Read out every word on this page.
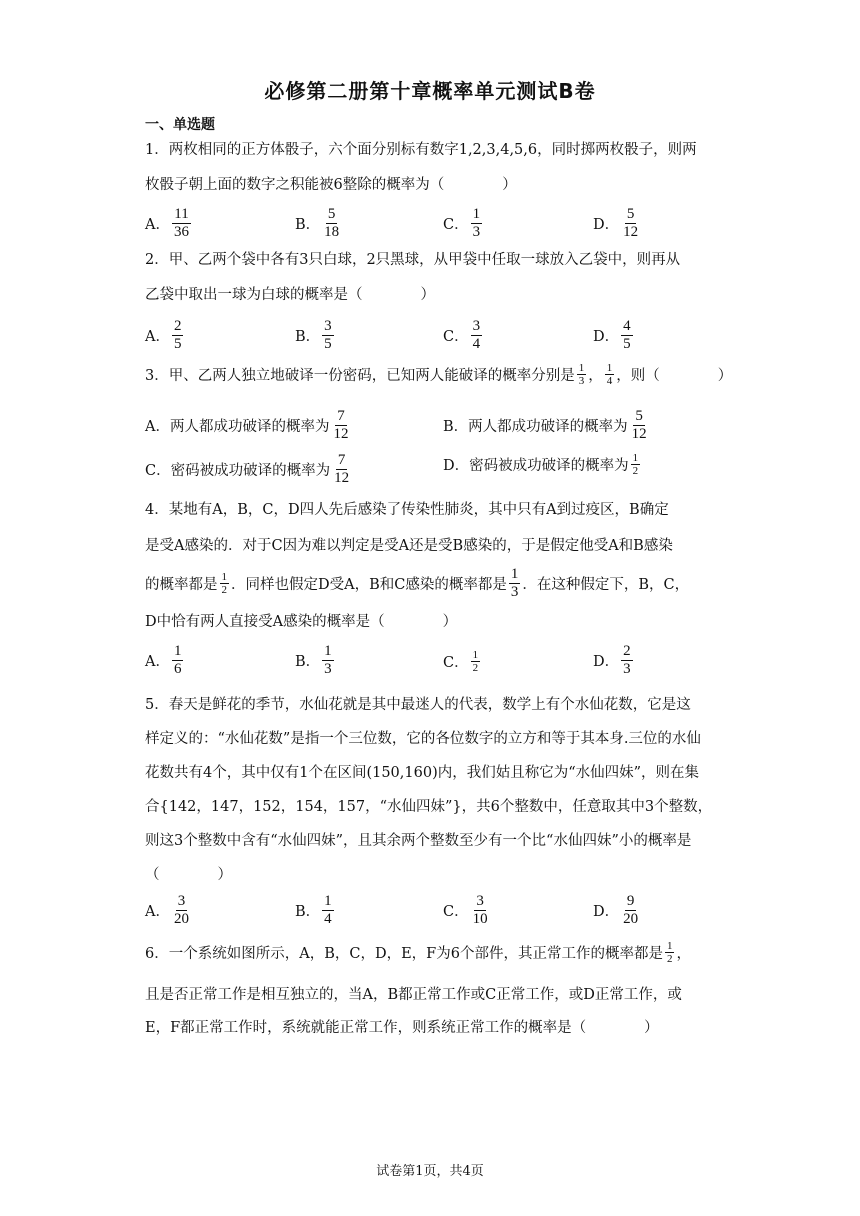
必修第二册第十章概率单元测试B卷
一、单选题
1．两枚相同的正方体骰子，六个面分别标有数字1,2,3,4,5,6，同时掷两枚骰子，则两
枚骰子朝上面的数字之积能被6整除的概率为（　　　　）
A． $\frac{11}{36}$	B． $\frac{5}{18}$	C． $\frac{1}{3}$	D． $\frac{5}{12}$
2．甲、乙两个袋中各有3只白球，2只黑球，从甲袋中任取一球放入乙袋中，则再从
乙袋中取出一球为白球的概率是（　　　　）
A． $\frac{2}{5}$	B． $\frac{3}{5}$	C． $\frac{3}{4}$	D． $\frac{4}{5}$
3．甲、乙两人独立地破译一份密码，已知两人能破译的概率分别是 $\frac{1}{3}$ ， $\frac{1}{4}$ ，则（　　　　）
A．两人都成功破译的概率为 $\frac{7}{12}$	B．两人都成功破译的概率为 $\frac{5}{12}$
C．密码被成功破译的概率为 $\frac{7}{12}$	D．密码被成功破译的概率为 $\frac{1}{2}$
4．某地有A，B，C，D四人先后感染了传染性肺炎，其中只有A到过疫区，B确定
是受A感染的．对于C因为难以判定是受A还是受B感染的，于是假定他受A和B感染
的概率都是 $\frac{1}{2}$ ．同样也假定D受A，B和C感染的概率都是 $\frac{1}{3}$ ．在这种假定下，B，C，
D中恰有两人直接受A感染的概率是（　　　　）
A． $\frac{1}{6}$	B． $\frac{1}{3}$	C． $\frac{1}{2}$	D． $\frac{2}{3}$
5．春天是鲜花的季节，水仙花就是其中最迷人的代表，数学上有个水仙花数，它是这
样定义的：“水仙花数”是指一个三位数，它的各位数字的立方和等于其本身.三位的水仙
花数共有4个，其中仅有1个在区间(150,160)内，我们姑且称它为“水仙四妹”，则在集
合{142，147，152，154，157，“水仙四妹”}，共6个整数中，任意取其中3个整数，
则这3个整数中含有“水仙四妹”，且其余两个整数至少有一个比“水仙四妹”小的概率是
（　　　　）
A． $\frac{3}{20}$	B． $\frac{1}{4}$	C． $\frac{3}{10}$	D． $\frac{9}{20}$
6．一个系统如图所示，A，B，C，D，E，F为6个部件，其正常工作的概率都是 $\frac{1}{2}$ ，
且是否正常工作是相互独立的，当A，B都正常工作或C正常工作，或D正常工作，或
E，F都正常工作时，系统就能正常工作，则系统正常工作的概率是（　　　　）
试卷第1页，共4页
